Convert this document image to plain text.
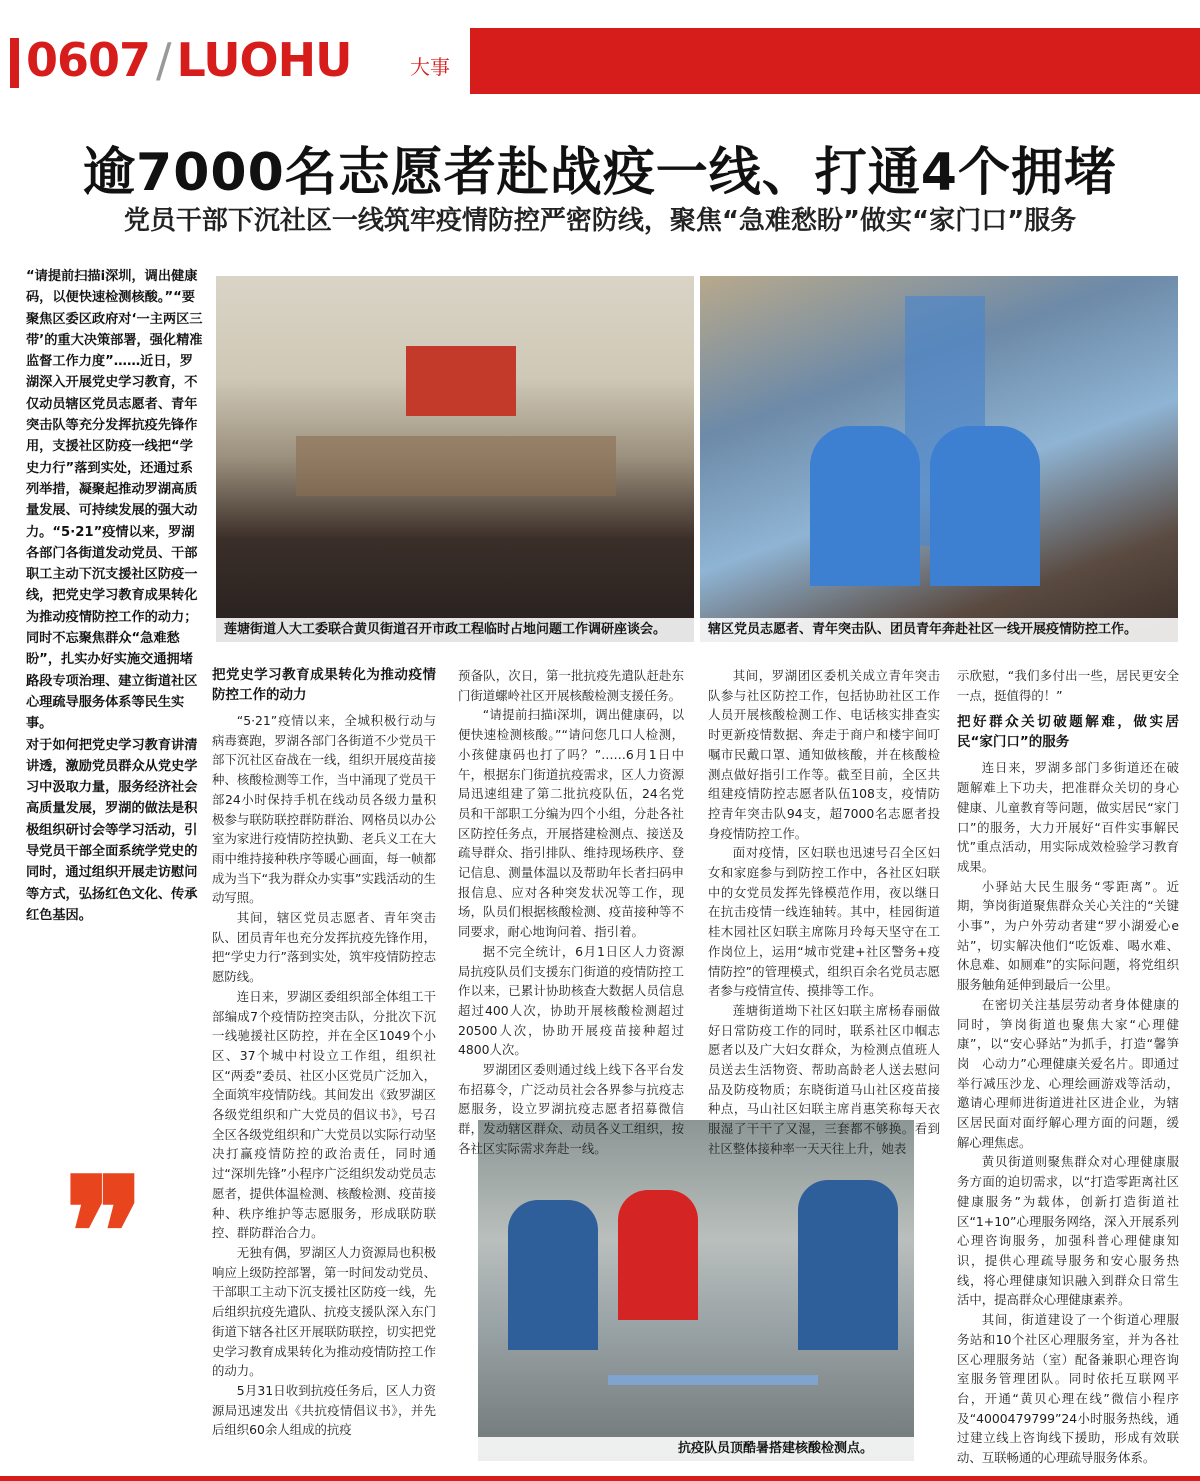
0607 / LUOHU	大事
逾7000名志愿者赴战疫一线、打通4个拥堵
党员干部下沉社区一线筑牢疫情防控严密防线，聚焦“急难愁盼”做实“家门口”服务

“请提前扫描i深圳，调出健康码，以便快速检测核酸。”“要聚焦区委区政府对‘一主两区三带’的重大决策部署，强化精准监督工作力度”……近日，罗湖深入开展党史学习教育，不仅动员辖区党员志愿者、青年突击队等充分发挥抗疫先锋作用，支援社区防疫一线把“学史力行”落到实处，还通过系列举措，凝聚起推动罗湖高质量发展、可持续发展的强大动力。“5·21”疫情以来，罗湖各部门各街道发动党员、干部职工主动下沉支援社区防疫一线，把党史学习教育成果转化为推动疫情防控工作的动力；同时不忘聚焦群众“急难愁盼”，扎实办好实施交通拥堵路段专项治理、建立街道社区心理疏导服务体系等民生实事。

对于如何把党史学习教育讲清讲透，激励党员群众从党史学习中汲取力量，服务经济社会高质量发展，罗湖的做法是积极组织研讨会等学习活动，引导党员干部全面系统学党史的同时，通过组织开展走访慰问等方式，弘扬红色文化、传承红色基因。

❞
莲塘街道人大工委联合黄贝街道召开市政工程临时占地问题工作调研座谈会。	辖区党员志愿者、青年突击队、团员青年奔赴社区一线开展疫情防控工作。
抗疫队员顶酷暑搭建核酸检测点。
把党史学习教育成果转化为推动疫情防控工作的动力

“5·21”疫情以来，全城积极行动与病毒赛跑，罗湖各部门各街道不少党员干部下沉社区奋战在一线，组织开展疫苗接种、核酸检测等工作，当中涌现了党员干部24小时保持手机在线动员各级力量积极参与联防联控群防群治、网格员以办公室为家进行疫情防控执勤、老兵义工在大雨中维持接种秩序等暖心画面，每一帧都成为当下“我为群众办实事”实践活动的生动写照。

其间，辖区党员志愿者、青年突击队、团员青年也充分发挥抗疫先锋作用，把“学史力行”落到实处，筑牢疫情防控志愿防线。

连日来，罗湖区委组织部全体组工干部编成7个疫情防控突击队，分批次下沉一线驰援社区防控，并在全区1049个小区、37个城中村设立工作组，组织社区“两委”委员、社区小区党员广泛加入，全面筑牢疫情防线。其间发出《致罗湖区各级党组织和广大党员的倡议书》，号召全区各级党组织和广大党员以实际行动坚决打赢疫情防控的政治责任，同时通过“深圳先锋”小程序广泛组织发动党员志愿者，提供体温检测、核酸检测、疫苗接种、秩序维护等志愿服务，形成联防联控、群防群治合力。

无独有偶，罗湖区人力资源局也积极响应上级防控部署，第一时间发动党员、干部职工主动下沉支援社区防疫一线，先后组织抗疫先遣队、抗疫支援队深入东门街道下辖各社区开展联防联控，切实把党史学习教育成果转化为推动疫情防控工作的动力。

5月31日收到抗疫任务后，区人力资源局迅速发出《共抗疫情倡议书》，并先后组织60余人组成的抗疫

预备队，次日，第一批抗疫先遣队赶赴东门街道螺岭社区开展核酸检测支援任务。

“请提前扫描i深圳，调出健康码，以便快速检测核酸。”“请问您几口人检测，小孩健康码也打了吗？”……6月1日中午，根据东门街道抗疫需求，区人力资源局迅速组建了第二批抗疫队伍，24名党员和干部职工分编为四个小组，分赴各社区防控任务点，开展搭建检测点、接送及疏导群众、指引排队、维持现场秩序、登记信息、测量体温以及帮助年长者扫码申报信息、应对各种突发状况等工作，现场，队员们根据核酸检测、疫苗接种等不同要求，耐心地询问着、指引着。

据不完全统计，6月1日区人力资源局抗疫队员们支援东门街道的疫情防控工作以来，已累计协助核查大数据人员信息超过400人次，协助开展核酸检测超过20500人次，协助开展疫苗接种超过4800人次。

罗湖团区委则通过线上线下各平台发布招募令，广泛动员社会各界参与抗疫志愿服务，设立罗湖抗疫志愿者招募微信群，发动辖区群众、动员各义工组织，按各社区实际需求奔赴一线。

其间，罗湖团区委机关成立青年突击队参与社区防控工作，包括协助社区工作人员开展核酸检测工作、电话核实排查实时更新疫情数据、奔走于商户和楼宇间叮嘱市民戴口罩、通知做核酸，并在核酸检测点做好指引工作等。截至目前，全区共组建疫情防控志愿者队伍108支，疫情防控青年突击队94支，超7000名志愿者投身疫情防控工作。

面对疫情，区妇联也迅速号召全区妇女和家庭参与到防控工作中，各社区妇联中的女党员发挥先锋模范作用，夜以继日在抗击疫情一线连轴转。其中，桂园街道桂木园社区妇联主席陈月玲每天坚守在工作岗位上，运用“城市党建+社区警务+疫情防控”的管理模式，组织百余名党员志愿者参与疫情宣传、摸排等工作。

莲塘街道坳下社区妇联主席杨春丽做好日常防疫工作的同时，联系社区巾帼志愿者以及广大妇女群众，为检测点值班人员送去生活物资、帮助高龄老人送去慰问品及防疫物质；东晓街道马山社区疫苗接种点，马山社区妇联主席肖惠笑称每天衣服湿了干干了又湿，三套都不够换。看到社区整体接种率一天天往上升，她表

示欣慰，“我们多付出一些，居民更安全一点，挺值得的！”

把好群众关切破题解难，做实居民“家门口”的服务

连日来，罗湖多部门多街道还在破题解难上下功夫，把准群众关切的身心健康、儿童教育等问题，做实居民“家门口”的服务，大力开展好“百件实事解民忧”重点活动，用实际成效检验学习教育成果。

小驿站大民生服务“零距离”。近期，笋岗街道聚焦群众关心关注的“关键小事”，为户外劳动者建“罗小湖爱心e站”，切实解决他们“吃饭难、喝水难、休息难、如厕难”的实际问题，将党组织服务触角延伸到最后一公里。

在密切关注基层劳动者身体健康的同时，笋岗街道也聚焦大家“心理健康”，以“安心驿站”为抓手，打造“馨笋岗　心动力”心理健康关爱名片。即通过举行减压沙龙、心理绘画游戏等活动，邀请心理师进街道进社区进企业，为辖区居民面对面纾解心理方面的问题，缓解心理焦虑。

黄贝街道则聚焦群众对心理健康服务方面的迫切需求，以“打造零距离社区健康服务”为载体，创新打造街道社区“1+10”心理服务网络，深入开展系列心理咨询服务，加强科普心理健康知识，提供心理疏导服务和安心服务热线，将心理健康知识融入到群众日常生活中，提高群众心理健康素养。

其间，街道建设了一个街道心理服务站和10个社区心理服务室，并为各社区心理服务站（室）配备兼职心理咨询室服务管理团队。同时依托互联网平台，开通“黄贝心理在线”微信小程序及“4000479799”24小时服务热线，通过建立线上咨询线下援助，形成有效联动、互联畅通的心理疏导服务体系。
